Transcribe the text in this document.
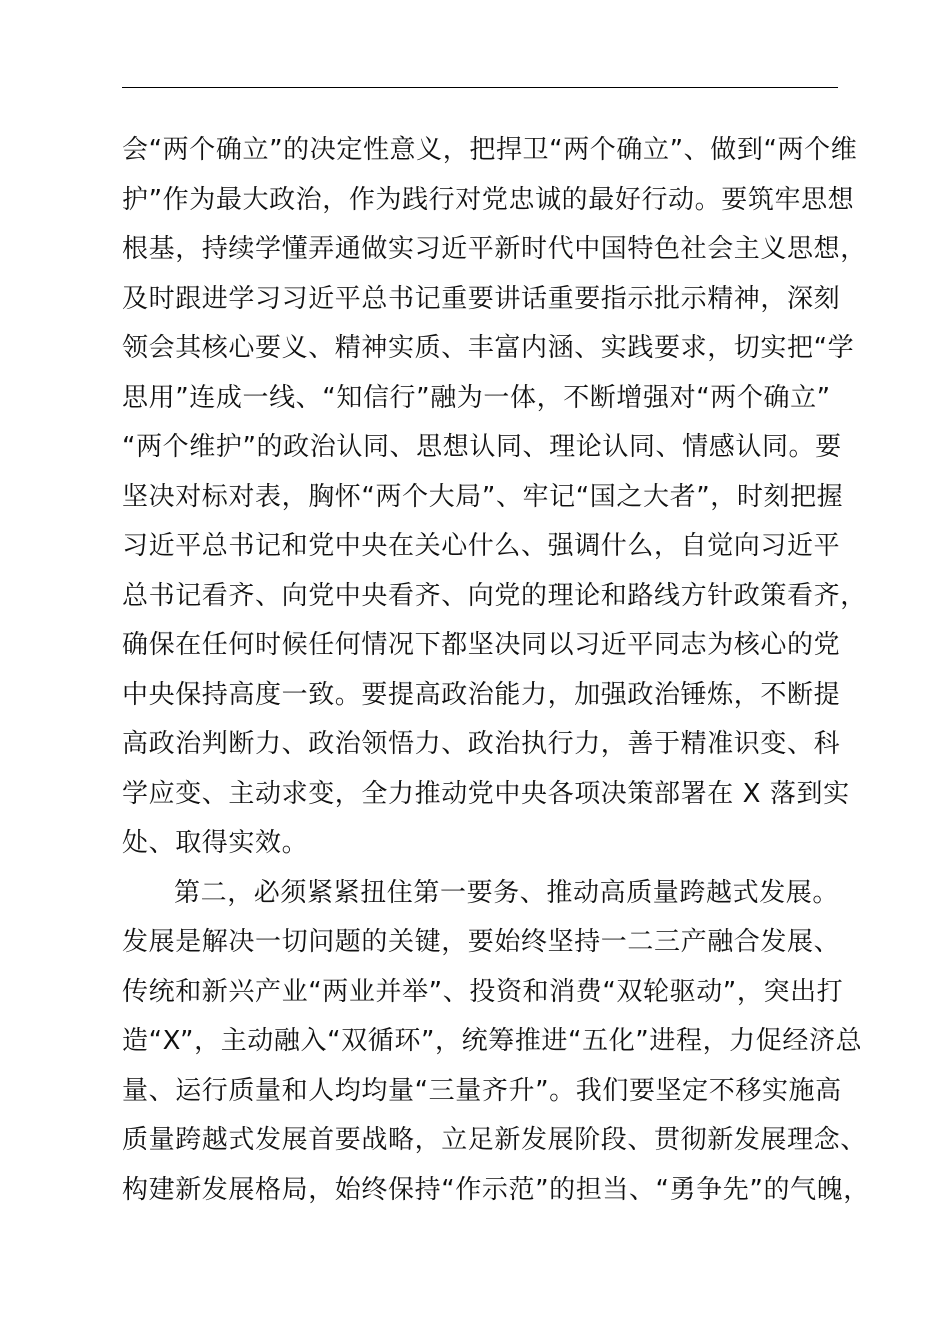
会“两个确立”的决定性意义，把捍卫“两个确立”、做到“两个维
护”作为最大政治，作为践行对党忠诚的最好行动。要筑牢思想
根基，持续学懂弄通做实习近平新时代中国特色社会主义思想，
及时跟进学习习近平总书记重要讲话重要指示批示精神，深刻
领会其核心要义、精神实质、丰富内涵、实践要求，切实把“学
思用”连成一线、“知信行”融为一体，不断增强对“两个确立”
“两个维护”的政治认同、思想认同、理论认同、情感认同。要
坚决对标对表，胸怀“两个大局”、牢记“国之大者”，时刻把握
习近平总书记和党中央在关心什么、强调什么，自觉向习近平
总书记看齐、向党中央看齐、向党的理论和路线方针政策看齐，
确保在任何时候任何情况下都坚决同以习近平同志为核心的党
中央保持高度一致。要提高政治能力，加强政治锤炼，不断提
高政治判断力、政治领悟力、政治执行力，善于精准识变、科
学应变、主动求变，全力推动党中央各项决策部署在 X 落到实
处、取得实效。
第二，必须紧紧扭住第一要务、推动高质量跨越式发展。
发展是解决一切问题的关键，要始终坚持一二三产融合发展、
传统和新兴产业“两业并举”、投资和消费“双轮驱动”，突出打
造“X”，主动融入“双循环”，统筹推进“五化”进程，力促经济总
量、运行质量和人均均量“三量齐升”。我们要坚定不移实施高
质量跨越式发展首要战略，立足新发展阶段、贯彻新发展理念、
构建新发展格局，始终保持“作示范”的担当、“勇争先”的气魄，
